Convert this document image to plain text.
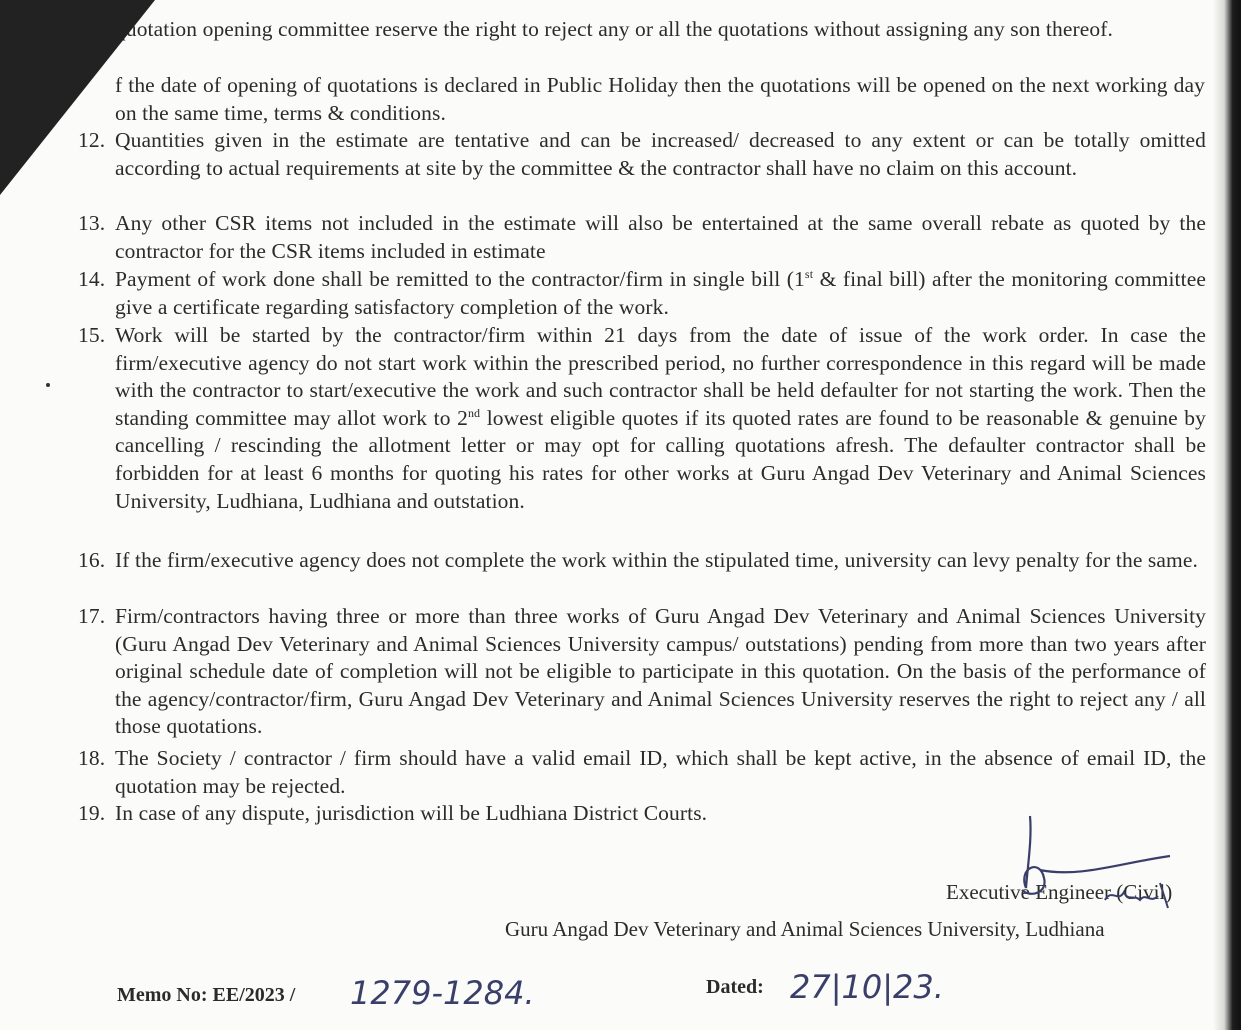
quotation opening committee reserve the right to reject any or all the quotations without assigning any son thereof.
f the date of opening of quotations is declared in Public Holiday then the quotations will be opened on the next working day on the same time, terms & conditions.
12. Quantities given in the estimate are tentative and can be increased/ decreased to any extent or can be totally omitted according to actual requirements at site by the committee & the contractor shall have no claim on this account.
13. Any other CSR items not included in the estimate will also be entertained at the same overall rebate as quoted by the contractor for the CSR items included in estimate
14. Payment of work done shall be remitted to the contractor/firm in single bill (1st & final bill) after the monitoring committee give a certificate regarding satisfactory completion of the work.
15. Work will be started by the contractor/firm within 21 days from the date of issue of the work order. In case the firm/executive agency do not start work within the prescribed period, no further correspondence in this regard will be made with the contractor to start/executive the work and such contractor shall be held defaulter for not starting the work. Then the standing committee may allot work to 2nd lowest eligible quotes if its quoted rates are found to be reasonable & genuine by cancelling / rescinding the allotment letter or may opt for calling quotations afresh. The defaulter contractor shall be forbidden for at least 6 months for quoting his rates for other works at Guru Angad Dev Veterinary and Animal Sciences University, Ludhiana, Ludhiana and outstation.
16. If the firm/executive agency does not complete the work within the stipulated time, university can levy penalty for the same.
17. Firm/contractors having three or more than three works of Guru Angad Dev Veterinary and Animal Sciences University (Guru Angad Dev Veterinary and Animal Sciences University campus/ outstations) pending from more than two years after original schedule date of completion will not be eligible to participate in this quotation. On the basis of the performance of the agency/contractor/firm, Guru Angad Dev Veterinary and Animal Sciences University reserves the right to reject any / all those quotations.
18. The Society / contractor / firm should have a valid email ID, which shall be kept active, in the absence of email ID, the quotation may be rejected.
19. In case of any dispute, jurisdiction will be Ludhiana District Courts.
Executive Engineer (Civil)
Guru Angad Dev Veterinary and Animal Sciences University, Ludhiana
Memo No: EE/2023 / 1279-1284.	Dated: 27|10|23.
